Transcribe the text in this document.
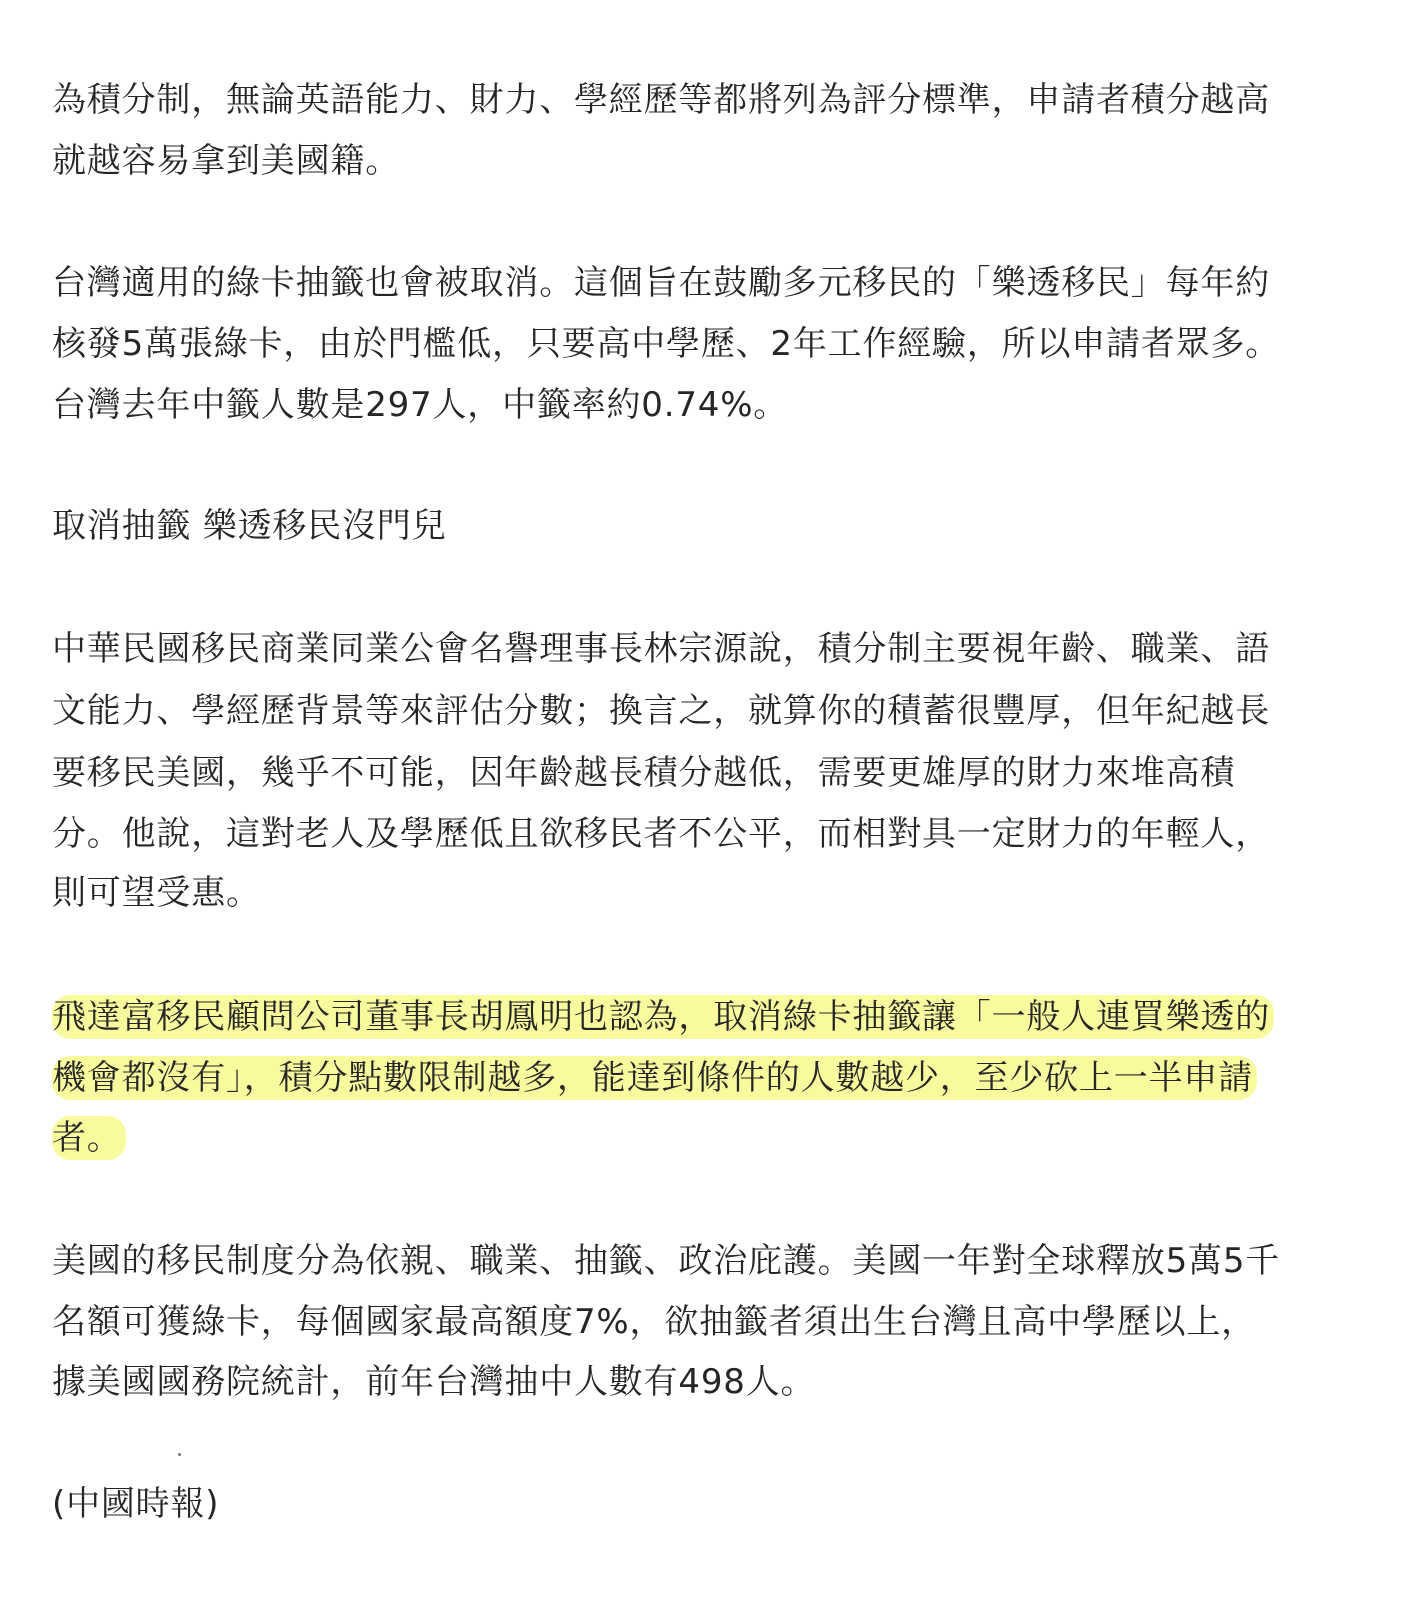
為積分制，無論英語能力、財力、學經歷等都將列為評分標準，申請者積分越高
就越容易拿到美國籍。
台灣適用的綠卡抽籤也會被取消。這個旨在鼓勵多元移民的「樂透移民」每年約
核發5萬張綠卡，由於門檻低，只要高中學歷、2年工作經驗，所以申請者眾多。
台灣去年中籤人數是297人，中籤率約0.74%。
取消抽籤 樂透移民沒門兒
中華民國移民商業同業公會名譽理事長林宗源說，積分制主要視年齡、職業、語
文能力、學經歷背景等來評估分數；換言之，就算你的積蓄很豐厚，但年紀越長
要移民美國，幾乎不可能，因年齡越長積分越低，需要更雄厚的財力來堆高積
分。他說，這對老人及學歷低且欲移民者不公平，而相對具一定財力的年輕人，
則可望受惠。
飛達富移民顧問公司董事長胡鳳明也認為，取消綠卡抽籤讓「一般人連買樂透的
機會都沒有」，積分點數限制越多，能達到條件的人數越少，至少砍上一半申請
者。
美國的移民制度分為依親、職業、抽籤、政治庇護。美國一年對全球釋放5萬5千
名額可獲綠卡，每個國家最高額度7%，欲抽籤者須出生台灣且高中學歷以上，
據美國國務院統計，前年台灣抽中人數有498人。
(中國時報)
